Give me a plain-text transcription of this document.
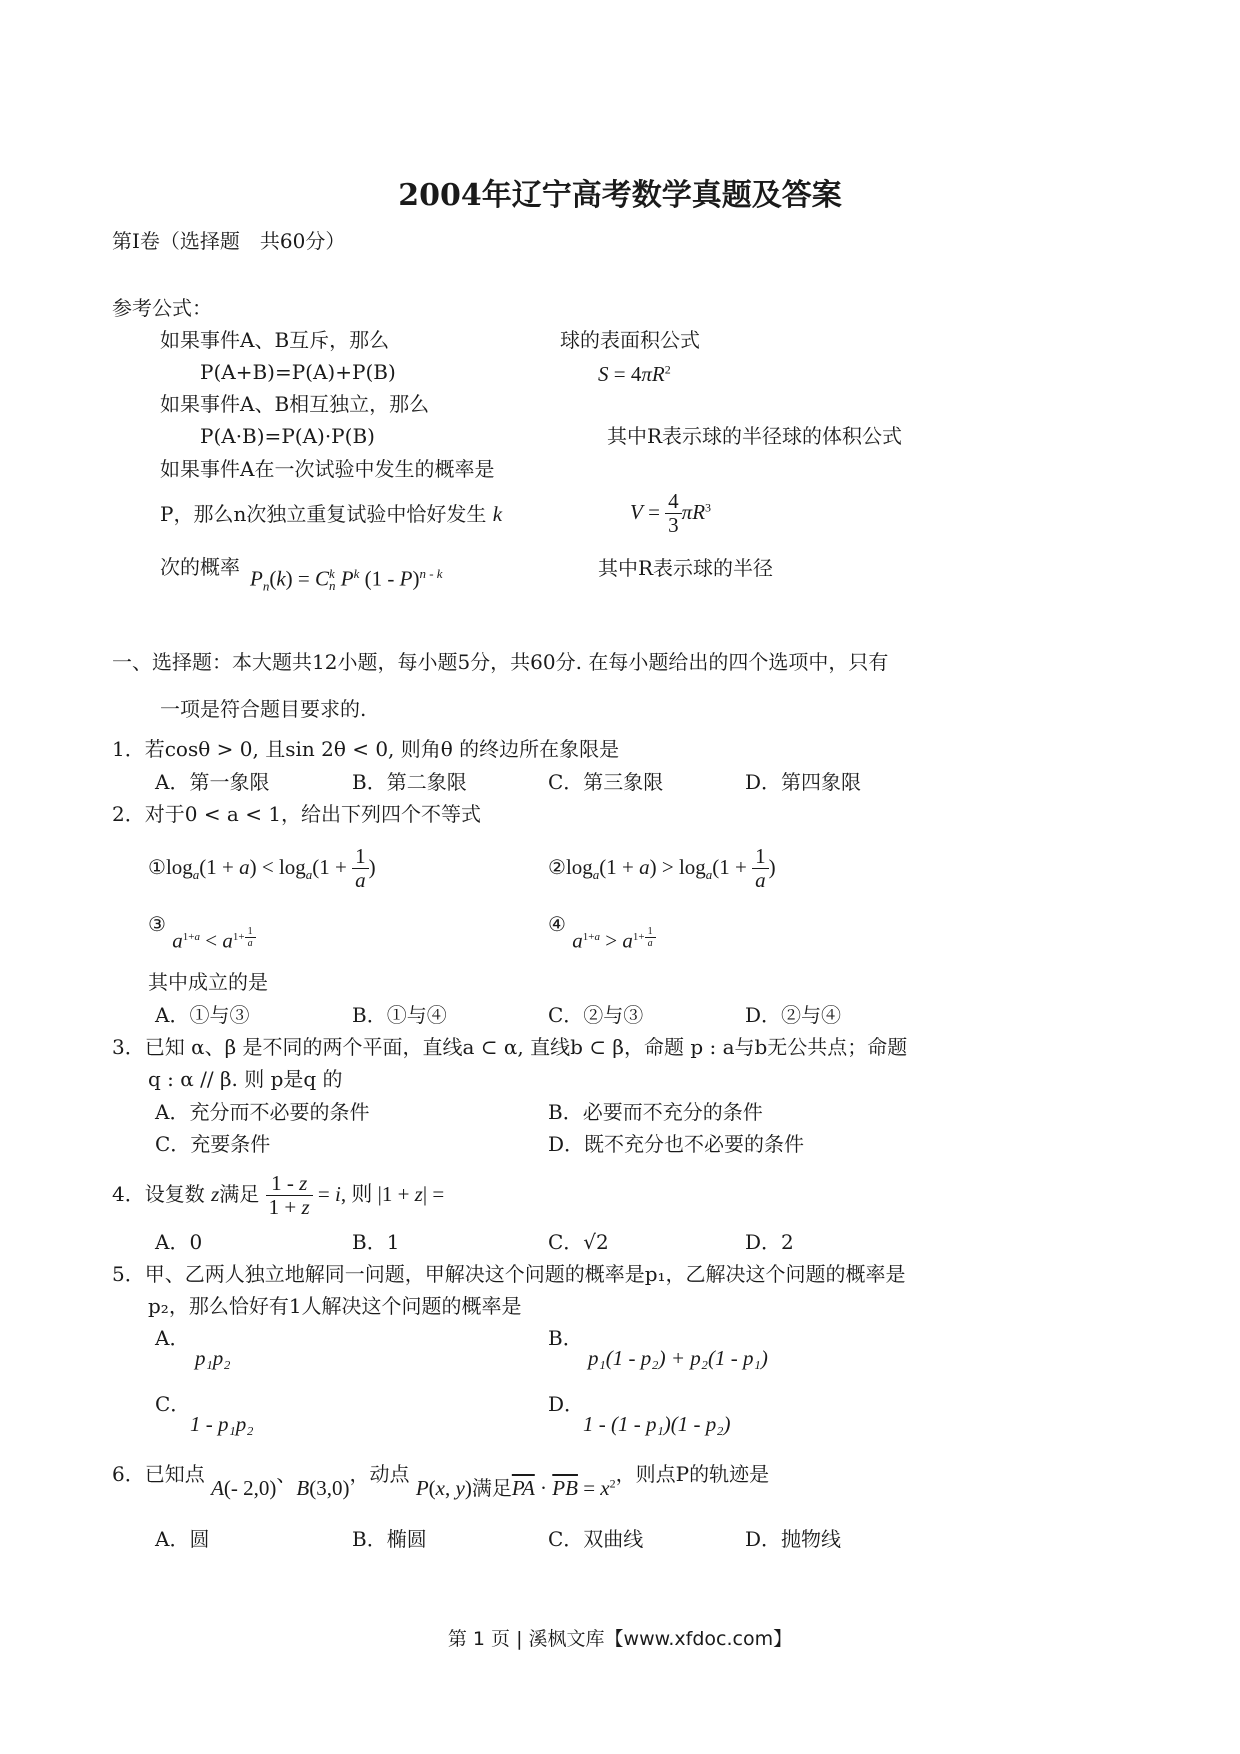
2004年辽宁高考数学真题及答案
第Ⅰ卷（选择题　共60分）
参考公式：
如果事件A、B互斥，那么
P(A+B)=P(A)+P(B)
如果事件A、B相互独立，那么
P(A·B)=P(A)·P(B)
如果事件A在一次试验中发生的概率是
P，那么n次独立重复试验中恰好发生 k
次的概率 $P_n(k) = C$ k
n $P^k$ (1 - P)$^{n - k}$
球的表面积公式
$S = 4\pi R^2$
其中R表示球的半径球的体积公式
$V = \frac{4}{3} \pi R^3$
其中R表示球的半径
一、选择题：本大题共12小题，每小题5分，共60分. 在每小题给出的四个选项中，只有
一项是符合题目要求的.
1．若cosθ > 0, 且sin 2θ < 0, 则角θ 的终边所在象限是
A．第一象限	B．第二象限	C．第三象限	D．第四象限
2．对于0 < a < 1，给出下列四个不等式
$①\log_a(1 + a) < \log_a(1 + \frac{1}{a}$ )	$②\log_a(1 + a) > \log_a(1 + \frac{1}{a}$ )
③ $a^{1+a} < a^{1+ \frac{1}{a}}$
④ $a^{1+a} > a^{1+ \frac{1}{a}}$
其中成立的是
A．①与③	B．①与④	C．②与③	D．②与④
3．已知 α、β 是不同的两个平面，直线a ⊂ α, 直线b ⊂ β，命题 p : a与b无公共点；命题
q : α // β. 则 p是q 的
A．充分而不必要的条件	B．必要而不充分的条件
C．充要条件	D．既不充分也不必要的条件
4．设复数 z满足 $\frac{1 - z}{1 + z} = i$, 则 |1 + z| =
A．0	B．1	C．√2	D．2
5．甲、乙两人独立地解同一问题，甲解决这个问题的概率是p₁，乙解决这个问题的概率是
p₂，那么恰好有1人解决这个问题的概率是
A．
p₁p₂
B．
p₁(1 - p₂) + p₂(1 - p₁)
C．
1 - p₁p₂
D．
1 - (1 - p₁)(1 - p₂)
6．已知点 A(- 2,0)、B(3,0)，动点 P(x, y)满足$\overline{PA} \cdot \overline{PB} = x^2$，则点P的轨迹是
A．圆	B．椭圆	C．双曲线	D．抛物线
第 1 页 | 溪枫文库【www.xfdoc.com】
